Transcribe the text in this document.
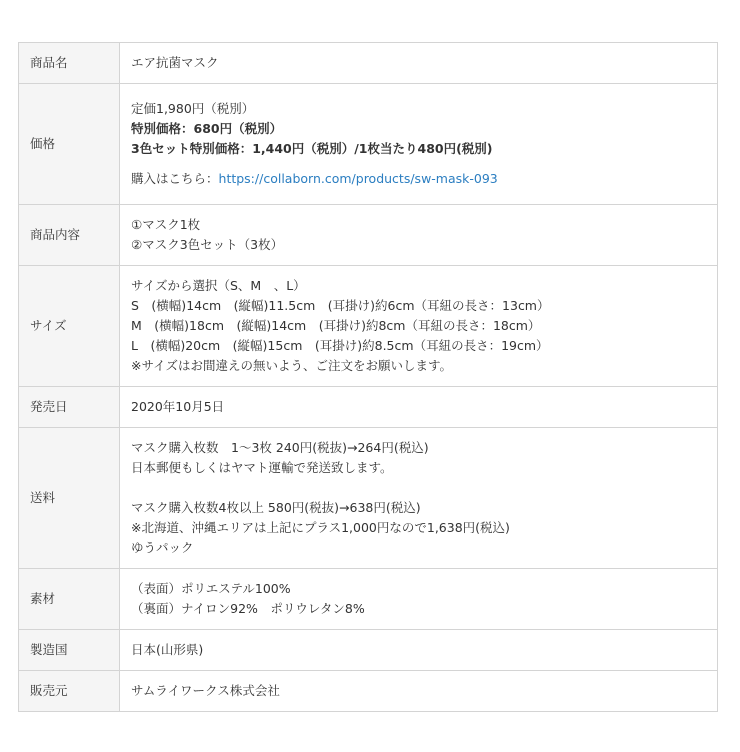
商品名	エア抗菌マスク

価格	定価1,980円（税別）
特別価格：680円（税別）
3色セット特別価格：1,440円（税別）/1枚当たり480円(税別)
購入はこちら：https://collaborn.com/products/sw-mask-093

商品内容	①マスク1枚
②マスク3色セット（3枚）

サイズ	サイズから選択（S、M　、L）
S　(横幅)14cm　(縦幅)11.5cm　(耳掛け)約6cm（耳紐の長さ：13cm）
M　(横幅)18cm　(縦幅)14cm　(耳掛け)約8cm（耳紐の長さ：18cm）
L　(横幅)20cm　(縦幅)15cm　(耳掛け)約8.5cm（耳紐の長さ：19cm）
※サイズはお間違えの無いよう、ご注文をお願いします。

発売日	2020年10月5日

送料	マスク購入枚数　1〜3枚 240円(税抜)→264円(税込)
日本郵便もしくはヤマト運輸で発送致します。
マスク購入枚数4枚以上 580円(税抜)→638円(税込)
※北海道、沖縄エリアは上記にプラス1,000円なので1,638円(税込)
ゆうパック

素材	（表面）ポリエステル100%
（裏面）ナイロン92%　ポリウレタン8%

製造国	日本(山形県)

販売元	サムライワークス株式会社
